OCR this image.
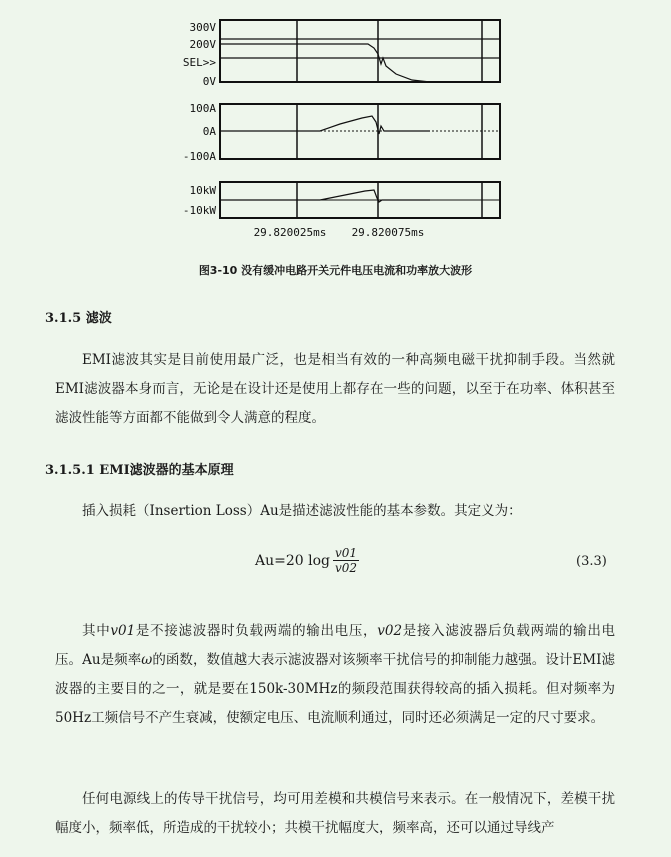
300V
200V
SEL>>
0V
100A
0A
-100A
10kW
-10kW
29.820025ms 29.820075ms
图3-10 没有缓冲电路开关元件电压电流和功率放大波形
3.1.5 滤波

EMI滤波其实是目前使用最广泛，也是相当有效的一种高频电磁干扰抑制手段。当然就EMI滤波器本身而言，无论是在设计还是使用上都存在一些的问题，以至于在功率、体积甚至滤波性能等方面都不能做到令人满意的程度。

3.1.5.1 EMI滤波器的基本原理

插入损耗（Insertion Loss）Au是描述滤波性能的基本参数。其定义为：

Au=20 $\log \frac{v01}{v02}$	(3.3)

其中v01是不接滤波器时负载两端的输出电压，v02是接入滤波器后负载两端的输出电压。Au是频率ω的函数，数值越大表示滤波器对该频率干扰信号的抑制能力越强。设计EMI滤波器的主要目的之一，就是要在150k-30MHz的频段范围获得较高的插入损耗。但对频率为50Hz工频信号不产生衰减，使额定电压、电流顺利通过，同时还必须满足一定的尺寸要求。

任何电源线上的传导干扰信号，均可用差模和共模信号来表示。在一般情况下，差模干扰幅度小，频率低，所造成的干扰较小；共模干扰幅度大，频率高，还可以通过导线产
